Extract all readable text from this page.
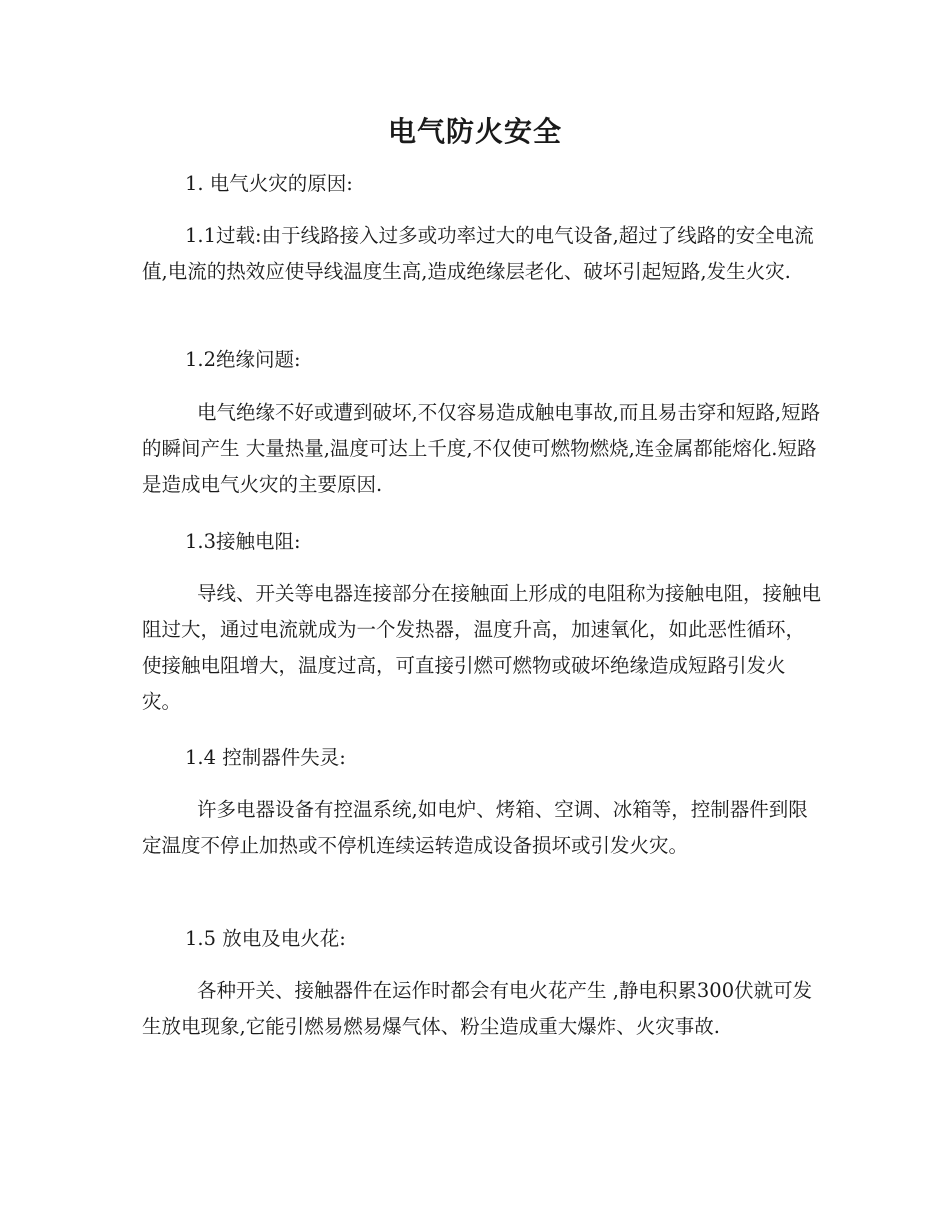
电气防火安全

1. 电气火灾的原因:

1.1过载:由于线路接入过多或功率过大的电气设备,超过了线路的安全电流值,电流的热效应使导线温度生高,造成绝缘层老化、破坏引起短路,发生火灾.

1.2绝缘问题:

电气绝缘不好或遭到破坏,不仅容易造成触电事故,而且易击穿和短路,短路的瞬间产生 大量热量,温度可达上千度,不仅使可燃物燃烧,连金属都能熔化.短路是造成电气火灾的主要原因.

1.3接触电阻:

导线、开关等电器连接部分在接触面上形成的电阻称为接触电阻，接触电阻过大，通过电流就成为一个发热器，温度升高，加速氧化，如此恶性循环，使接触电阻增大，温度过高，可直接引燃可燃物或破坏绝缘造成短路引发火灾。

1.4 控制器件失灵:

许多电器设备有控温系统,如电炉、烤箱、空调、冰箱等，控制器件到限定温度不停止加热或不停机连续运转造成设备损坏或引发火灾。

1.5 放电及电火花:

各种开关、接触器件在运作时都会有电火花产生 ,静电积累300伏就可发生放电现象,它能引燃易燃易爆气体、粉尘造成重大爆炸、火灾事故.
